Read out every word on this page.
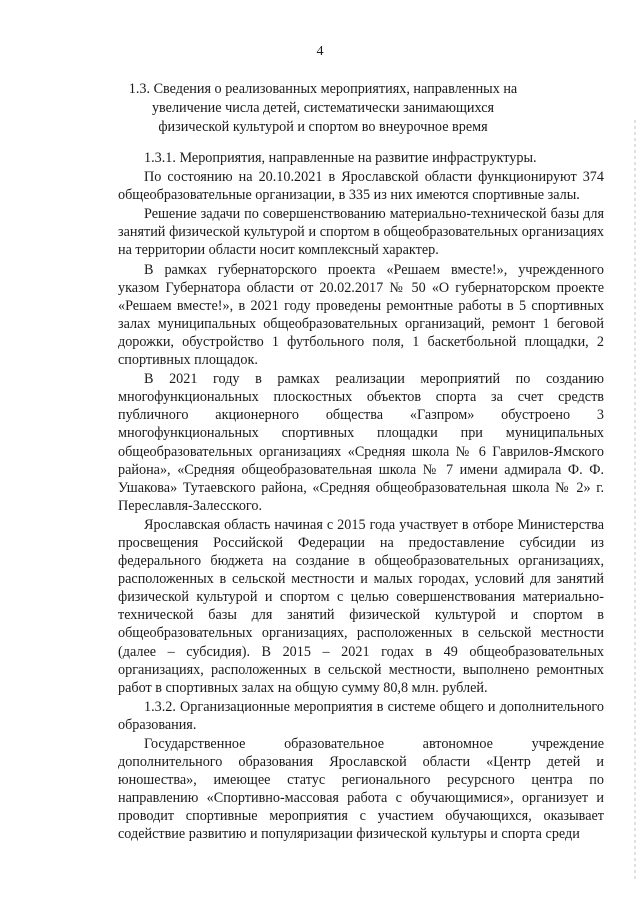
4
1.3. Сведения о реализованных мероприятиях, направленных на увеличение числа детей, систематически занимающихся физической культурой и спортом во внеурочное время

1.3.1. Мероприятия, направленные на развитие инфраструктуры.

По состоянию на 20.10.2021 в Ярославской области функционируют 374 общеобразовательные организации, в 335 из них имеются спортивные залы.

Решение задачи по совершенствованию материально-технической базы для занятий физической культурой и спортом в общеобразовательных организациях на территории области носит комплексный характер.

В рамках губернаторского проекта «Решаем вместе!», учрежденного указом Губернатора области от 20.02.2017 № 50 «О губернаторском проекте «Решаем вместе!», в 2021 году проведены ремонтные работы в 5 спортивных залах муниципальных общеобразовательных организаций, ремонт 1 беговой дорожки, обустройство 1 футбольного поля, 1 баскетбольной площадки, 2 спортивных площадок.

В 2021 году в рамках реализации мероприятий по созданию многофункциональных плоскостных объектов спорта за счет средств публичного акционерного общества «Газпром» обустроено 3 многофункциональных спортивных площадки при муниципальных общеобразовательных организациях «Средняя школа № 6 Гаврилов-Ямского района», «Средняя общеобразовательная школа № 7 имени адмирала Ф. Ф. Ушакова» Тутаевского района, «Средняя общеобразовательная школа № 2» г. Переславля-Залесского.

Ярославская область начиная с 2015 года участвует в отборе Министерства просвещения Российской Федерации на предоставление субсидии из федерального бюджета на создание в общеобразовательных организациях, расположенных в сельской местности и малых городах, условий для занятий физической культурой и спортом с целью совершенствования материально-технической базы для занятий физической культурой и спортом в общеобразовательных организациях, расположенных в сельской местности (далее – субсидия). В 2015 – 2021 годах в 49 общеобразовательных организациях, расположенных в сельской местности, выполнено ремонтных работ в спортивных залах на общую сумму 80,8 млн. рублей.

1.3.2. Организационные мероприятия в системе общего и дополнительного образования.

Государственное образовательное автономное учреждение дополнительного образования Ярославской области «Центр детей и юношества», имеющее статус регионального ресурсного центра по направлению «Спортивно-массовая работа с обучающимися», организует и проводит спортивные мероприятия с участием обучающихся, оказывает содействие развитию и популяризации физической культуры и спорта среди
